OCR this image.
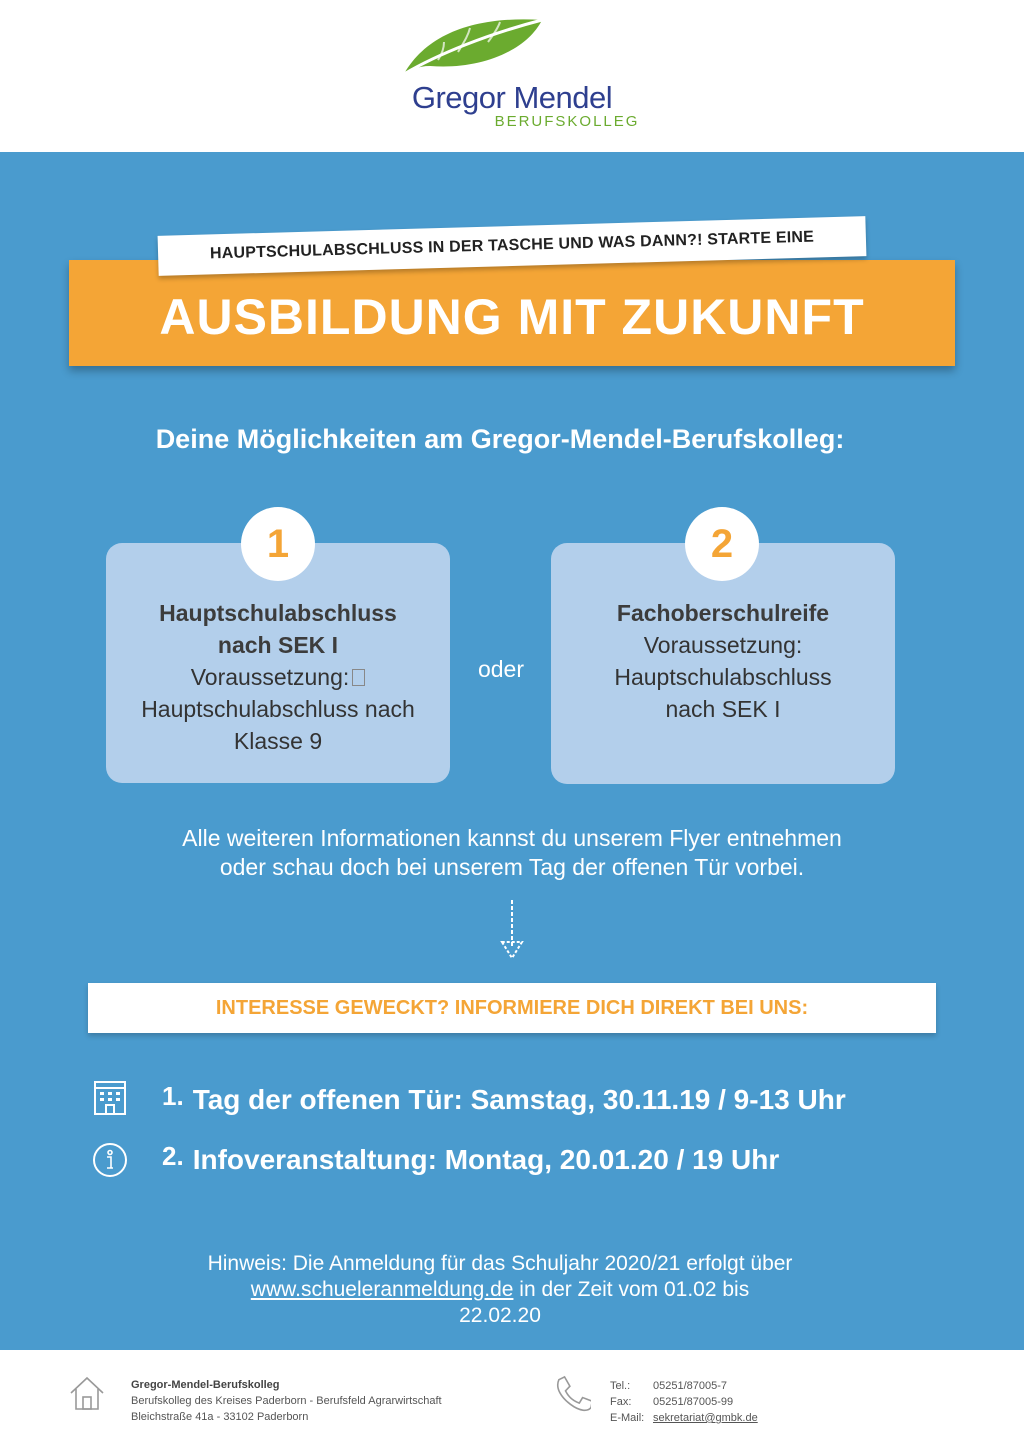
Gregor Mendel
BERUFSKOLLEG
HAUPTSCHULABSCHLUSS IN DER TASCHE UND WAS DANN?! STARTE EINE
AUSBILDUNG MIT ZUKUNFT
Deine Möglichkeiten am Gregor-Mendel-Berufskolleg:
1
Hauptschulabschluss
nach SEK I
Voraussetzung:
Hauptschulabschluss nach
Klasse 9
oder
2
Fachoberschulreife
Voraussetzung:
Hauptschulabschluss
nach SEK I
Alle weiteren Informationen kannst du unserem Flyer entnehmen
oder schau doch bei unserem Tag der offenen Tür vorbei.
INTERESSE GEWECKT? INFORMIERE DICH DIREKT BEI UNS:
1. Tag der offenen Tür: Samstag, 30.11.19 / 9-13 Uhr
2. Infoveranstaltung: Montag, 20.01.20 / 19 Uhr
Hinweis: Die Anmeldung für das Schuljahr 2020/21 erfolgt über
www.schueleranmeldung.de in der Zeit vom 01.02 bis
22.02.20
Gregor-Mendel-Berufskolleg
Berufskolleg des Kreises Paderborn - Berufsfeld Agrarwirtschaft
Bleichstraße 41a - 33102 Paderborn
Tel.: 05251/87005-7
Fax: 05251/87005-99
E-Mail: sekretariat@gmbk.de
